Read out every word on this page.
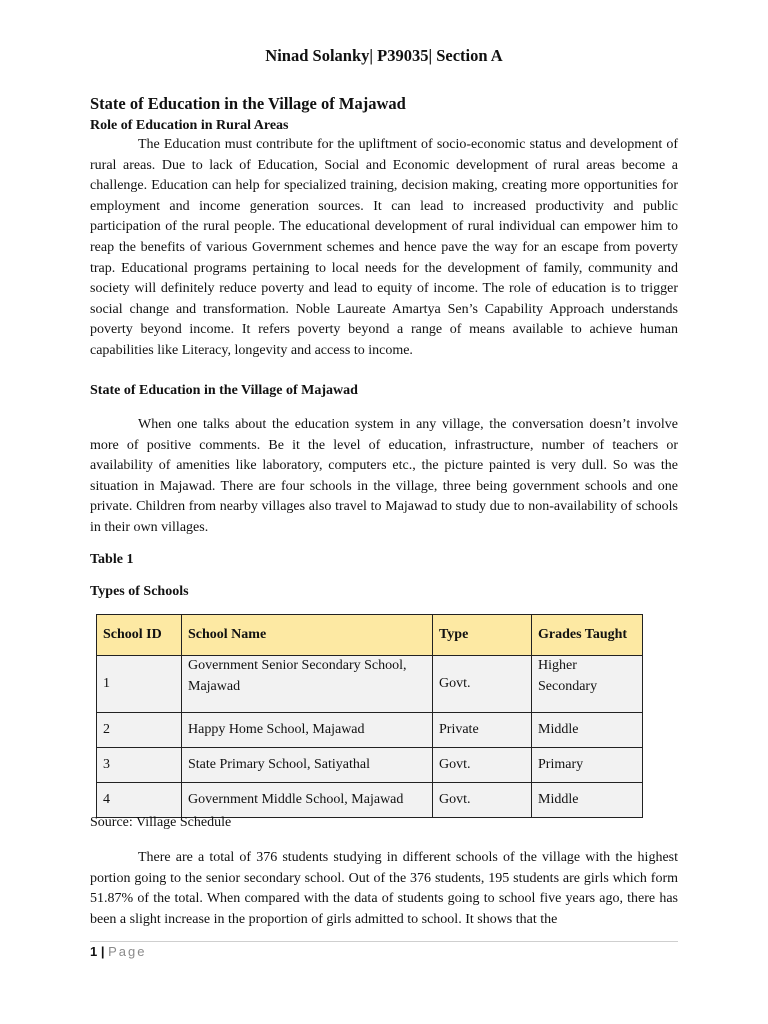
Ninad Solanky| P39035| Section A
State of Education in the Village of Majawad
Role of Education in Rural Areas

The Education must contribute for the upliftment of socio-economic status and development of rural areas. Due to lack of Education, Social and Economic development of rural areas become a challenge. Education can help for specialized training, decision making, creating more opportunities for employment and income generation sources. It can lead to increased productivity and public participation of the rural people. The educational development of rural individual can empower him to reap the benefits of various Government schemes and hence pave the way for an escape from poverty trap. Educational programs pertaining to local needs for the development of family, community and society will definitely reduce poverty and lead to equity of income. The role of education is to trigger social change and transformation. Noble Laureate Amartya Sen’s Capability Approach understands poverty beyond income. It refers poverty beyond a range of means available to achieve human capabilities like Literacy, longevity and access to income.

State of Education in the Village of Majawad

When one talks about the education system in any village, the conversation doesn’t involve more of positive comments. Be it the level of education, infrastructure, number of teachers or availability of amenities like laboratory, computers etc., the picture painted is very dull. So was the situation in Majawad. There are four schools in the village, three being government schools and one private. Children from nearby villages also travel to Majawad to study due to non-availability of schools in their own villages.

Table 1
Types of Schools
School ID	School Name	Type	Grades Taught
1	Government Senior Secondary School, Majawad	Govt.	Higher Secondary
2	Happy Home School, Majawad	Private	Middle
3	State Primary School, Satiyathal	Govt.	Primary
4	Government Middle School, Majawad	Govt.	Middle
Source: Village Schedule

There are a total of 376 students studying in different schools of the village with the highest portion going to the senior secondary school. Out of the 376 students, 195 students are girls which form 51.87% of the total. When compared with the data of students going to school five years ago, there has been a slight increase in the proportion of girls admitted to school. It shows that the

1 | Page
